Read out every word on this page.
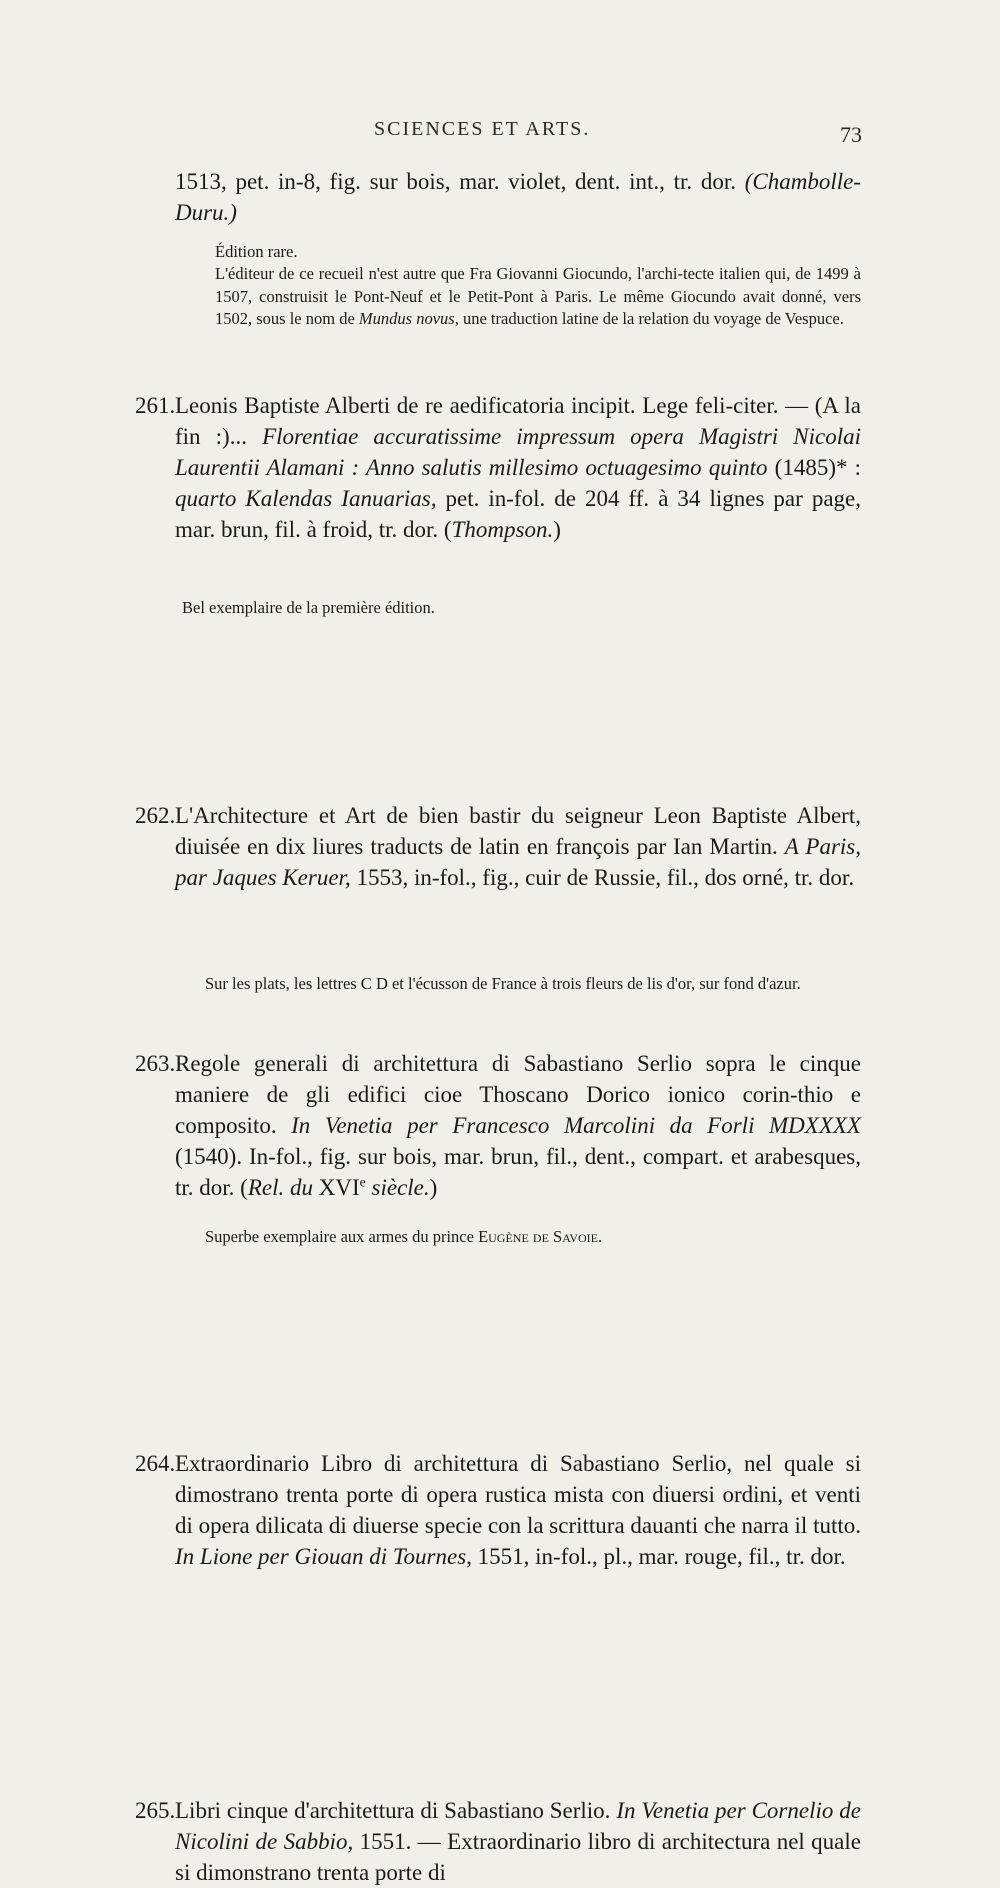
SCIENCES ET ARTS.	73

1513, pet. in-8, fig. sur bois, mar. violet, dent. int., tr. dor. (Chambolle-Duru.)

Édition rare.

L'éditeur de ce recueil n'est autre que Fra Giovanni Giocundo, l'archi-tecte italien qui, de 1499 à 1507, construisit le Pont-Neuf et le Petit-Pont à Paris. Le même Giocundo avait donné, vers 1502, sous le nom de Mundus novus, une traduction latine de la relation du voyage de Vespuce.

261. Leonis Baptiste Alberti de re aedificatoria incipit. Lege feli-citer. — (A la fin :)... Florentiae accuratissime impressum opera Magistri Nicolai Laurentii Alamani : Anno salutis millesimo octuagesimo quinto (1485)* : quarto Kalendas Ianuarias, pet. in-fol. de 204 ff. à 34 lignes par page, mar. brun, fil. à froid, tr. dor. (Thompson.)

Bel exemplaire de la première édition.

262. L'Architecture et Art de bien bastir du seigneur Leon Baptiste Albert, diuisée en dix liures traducts de latin en françois par Ian Martin. A Paris, par Jaques Keruer, 1553, in-fol., fig., cuir de Russie, fil., dos orné, tr. dor.

263. Regole generali di architettura di Sabastiano Serlio sopra le cinque maniere de gli edifici cioe Thoscano Dorico ionico corin-thio e composito. In Venetia per Francesco Marcolini da Forli MDXXXX (1540). In-fol., fig. sur bois, mar. brun, fil., dent., compart. et arabesques, tr. dor. (Rel. du XVIe siècle.)

Sur les plats, les lettres C D et l'écusson de France à trois fleurs de lis d'or, sur fond d'azur.

264. Extraordinario Libro di architettura di Sabastiano Serlio, nel quale si dimostrano trenta porte di opera rustica mista con diuersi ordini, et venti di opera dilicata di diuerse specie con la scrittura dauanti che narra il tutto. In Lione per Giouan di Tournes, 1551, in-fol., pl., mar. rouge, fil., tr. dor.

Superbe exemplaire aux armes du prince Eugène de Savoie.

265. Libri cinque d'architettura di Sabastiano Serlio. In Venetia per Cornelio de Nicolini de Sabbio, 1551. — Extraordinario libro di architectura nel quale si dimonstrano trenta porte di
